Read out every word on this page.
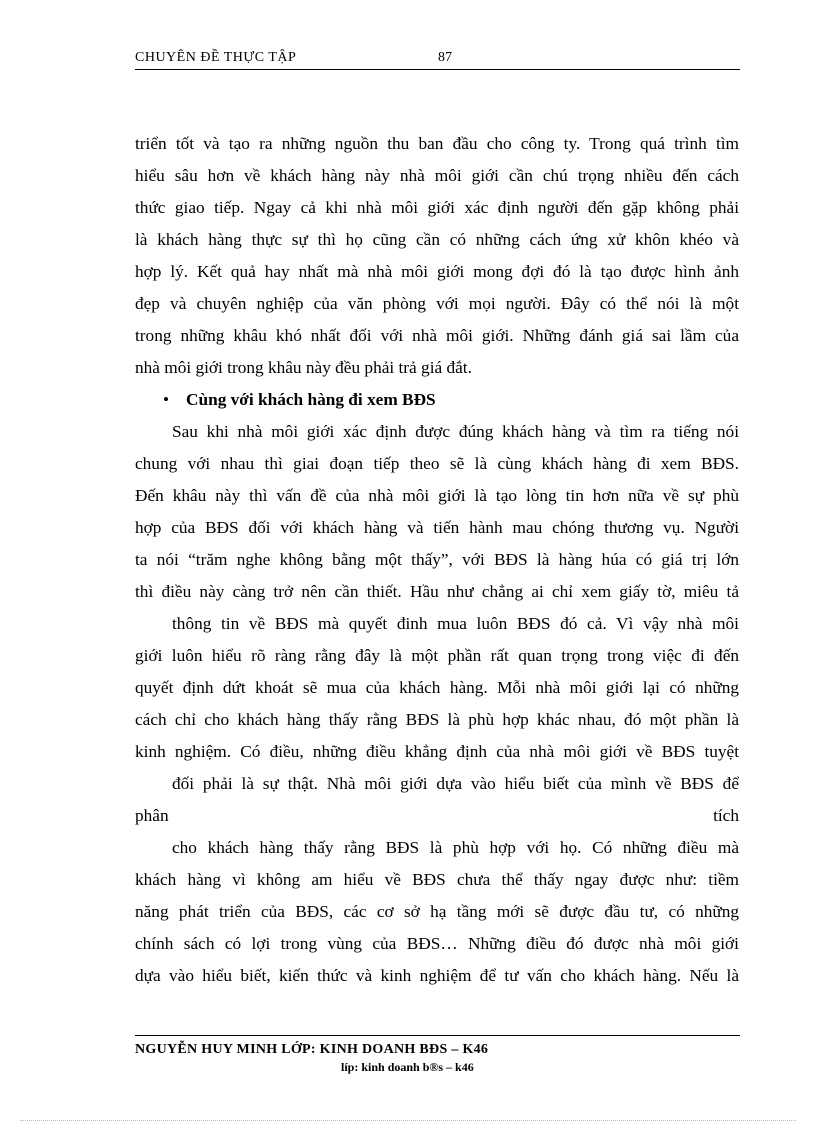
CHUYÊN ĐỀ THỰC TẬP	87
triển tốt và tạo ra những nguồn thu ban đầu cho công ty. Trong quá trình tìm
hiểu sâu hơn về khách hàng này nhà môi giới cần chú trọng nhiều đến cách
thức giao tiếp. Ngay cả khi nhà môi giới xác định người đến gặp không phải
là khách hàng thực sự thì họ cũng cần có những cách ứng xử khôn khéo và
hợp lý. Kết quả hay nhất mà nhà môi giới mong đợi đó là tạo được hình ảnh
đẹp và chuyên nghiệp của văn phòng với mọi người. Đây có thể nói là một
trong những khâu khó nhất đối với nhà môi giới. Những đánh giá sai lầm của
nhà môi giới trong khâu này đều phải trả giá đắt.
• Cùng với khách hàng đi xem BĐS
Sau khi nhà môi giới xác định được đúng khách hàng và tìm ra tiếng nói
chung với nhau thì giai đoạn tiếp theo sẽ là cùng khách hàng đi xem BĐS.
Đến khâu này thì vấn đề của nhà môi giới là tạo lòng tin hơn nữa về sự phù
hợp của BĐS đối với khách hàng và tiến hành mau chóng thương vụ. Người
ta nói “trăm nghe không bằng một thấy”, với BĐS là hàng húa có giá trị lớn
thì điều này càng trở nên cần thiết. Hầu như chẳng ai chỉ xem giấy tờ, miêu tả
thông tin về BĐS mà quyết đinh mua luôn BĐS đó cả. Vì vậy nhà môi
giới luôn hiểu rõ ràng rằng đây là một phần rất quan trọng trong việc đi đến
quyết định dứt khoát sẽ mua của khách hàng. Mỗi nhà môi giới lại có những
cách chỉ cho khách hàng thấy rằng BĐS là phù hợp khác nhau, đó một phần là
kinh nghiệm. Có điều, những điều khẳng định của nhà môi giới về BĐS tuyệt
đối phải là sự thật. Nhà môi giới dựa vào hiểu biết của mình về BĐS để
phân	tích
cho khách hàng thấy rằng BĐS là phù hợp với họ. Có những điều mà
khách hàng vì không am hiểu về BĐS chưa thể thấy ngay được như: tiềm
năng phát triển của BĐS, các cơ sở hạ tầng mới sẽ được đầu tư, có những
chính sách có lợi trong vùng của BĐS… Những điều đó được nhà môi giới
dựa vào hiểu biết, kiến thức và kinh nghiệm để tư vấn cho khách hàng. Nếu là
NGUYỄN HUY MINH LỚP: KINH DOANH BĐS – K46
líp: kinh doanh b®s – k46
